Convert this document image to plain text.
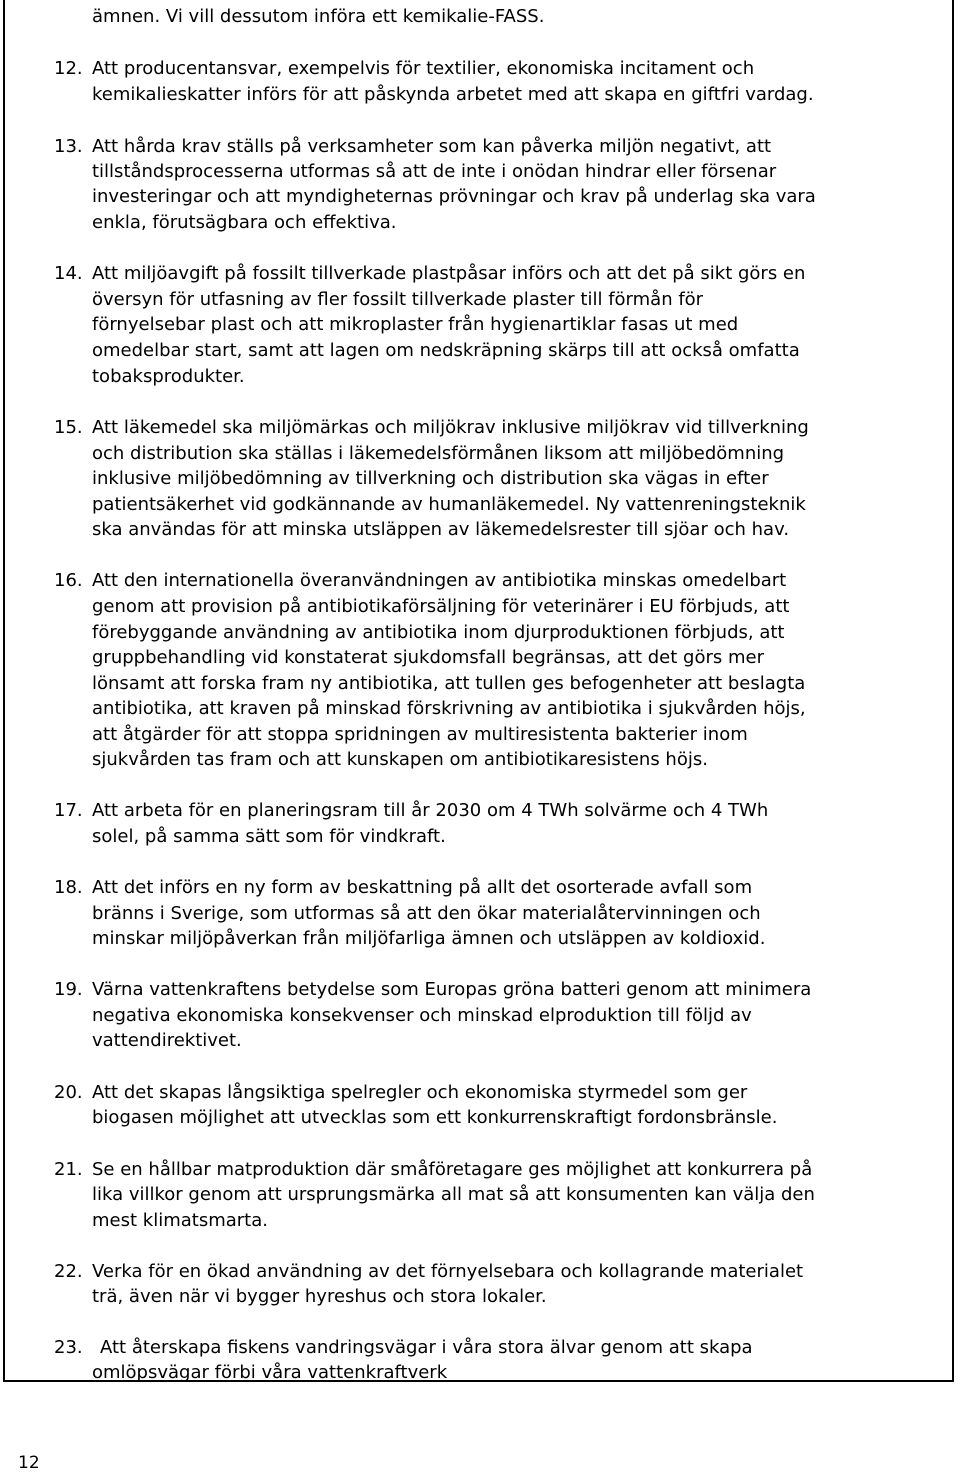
ämnen. Vi vill dessutom införa ett kemikalie-FASS.
12. Att producentansvar, exempelvis för textilier, ekonomiska incitament och
kemikalieskatter införs för att påskynda arbetet med att skapa en giftfri vardag.
13. Att hårda krav ställs på verksamheter som kan påverka miljön negativt, att
tillståndsprocesserna utformas så att de inte i onödan hindrar eller försenar
investeringar och att myndigheternas prövningar och krav på underlag ska vara
enkla, förutsägbara och effektiva.
14. Att miljöavgift på fossilt tillverkade plastpåsar införs och att det på sikt görs en
översyn för utfasning av fler fossilt tillverkade plaster till förmån för
förnyelsebar plast och att mikroplaster från hygienartiklar fasas ut med
omedelbar start, samt att lagen om nedskräpning skärps till att också omfatta
tobaksprodukter.
15. Att läkemedel ska miljömärkas och miljökrav inklusive miljökrav vid tillverkning
och distribution ska ställas i läkemedelsförmånen liksom att miljöbedömning
inklusive miljöbedömning av tillverkning och distribution ska vägas in efter
patientsäkerhet vid godkännande av humanläkemedel. Ny vattenreningsteknik
ska användas för att minska utsläppen av läkemedelsrester till sjöar och hav.
16. Att den internationella överanvändningen av antibiotika minskas omedelbart
genom att provision på antibiotikaförsäljning för veterinärer i EU förbjuds, att
förebyggande användning av antibiotika inom djurproduktionen förbjuds, att
gruppbehandling vid konstaterat sjukdomsfall begränsas, att det görs mer
lönsamt att forska fram ny antibiotika, att tullen ges befogenheter att beslagta
antibiotika, att kraven på minskad förskrivning av antibiotika i sjukvården höjs,
att åtgärder för att stoppa spridningen av multiresistenta bakterier inom
sjukvården tas fram och att kunskapen om antibiotikaresistens höjs.
17. Att arbeta för en planeringsram till år 2030 om 4 TWh solvärme och 4 TWh
solel, på samma sätt som för vindkraft.
18. Att det införs en ny form av beskattning på allt det osorterade avfall som
bränns i Sverige, som utformas så att den ökar materialåtervinningen och
minskar miljöpåverkan från miljöfarliga ämnen och utsläppen av koldioxid.
19. Värna vattenkraftens betydelse som Europas gröna batteri genom att minimera
negativa ekonomiska konsekvenser och minskad elproduktion till följd av
vattendirektivet.
20. Att det skapas långsiktiga spelregler och ekonomiska styrmedel som ger
biogasen möjlighet att utvecklas som ett konkurrenskraftigt fordonsbränsle.
21. Se en hållbar matproduktion där småföretagare ges möjlighet att konkurrera på
lika villkor genom att ursprungsmärka all mat så att konsumenten kan välja den
mest klimatsmarta.
22. Verka för en ökad användning av det förnyelsebara och kollagrande materialet
trä, även när vi bygger hyreshus och stora lokaler.
23. Att återskapa fiskens vandringsvägar i våra stora älvar genom att skapa
omlöpsvägar förbi våra vattenkraftverk
12
